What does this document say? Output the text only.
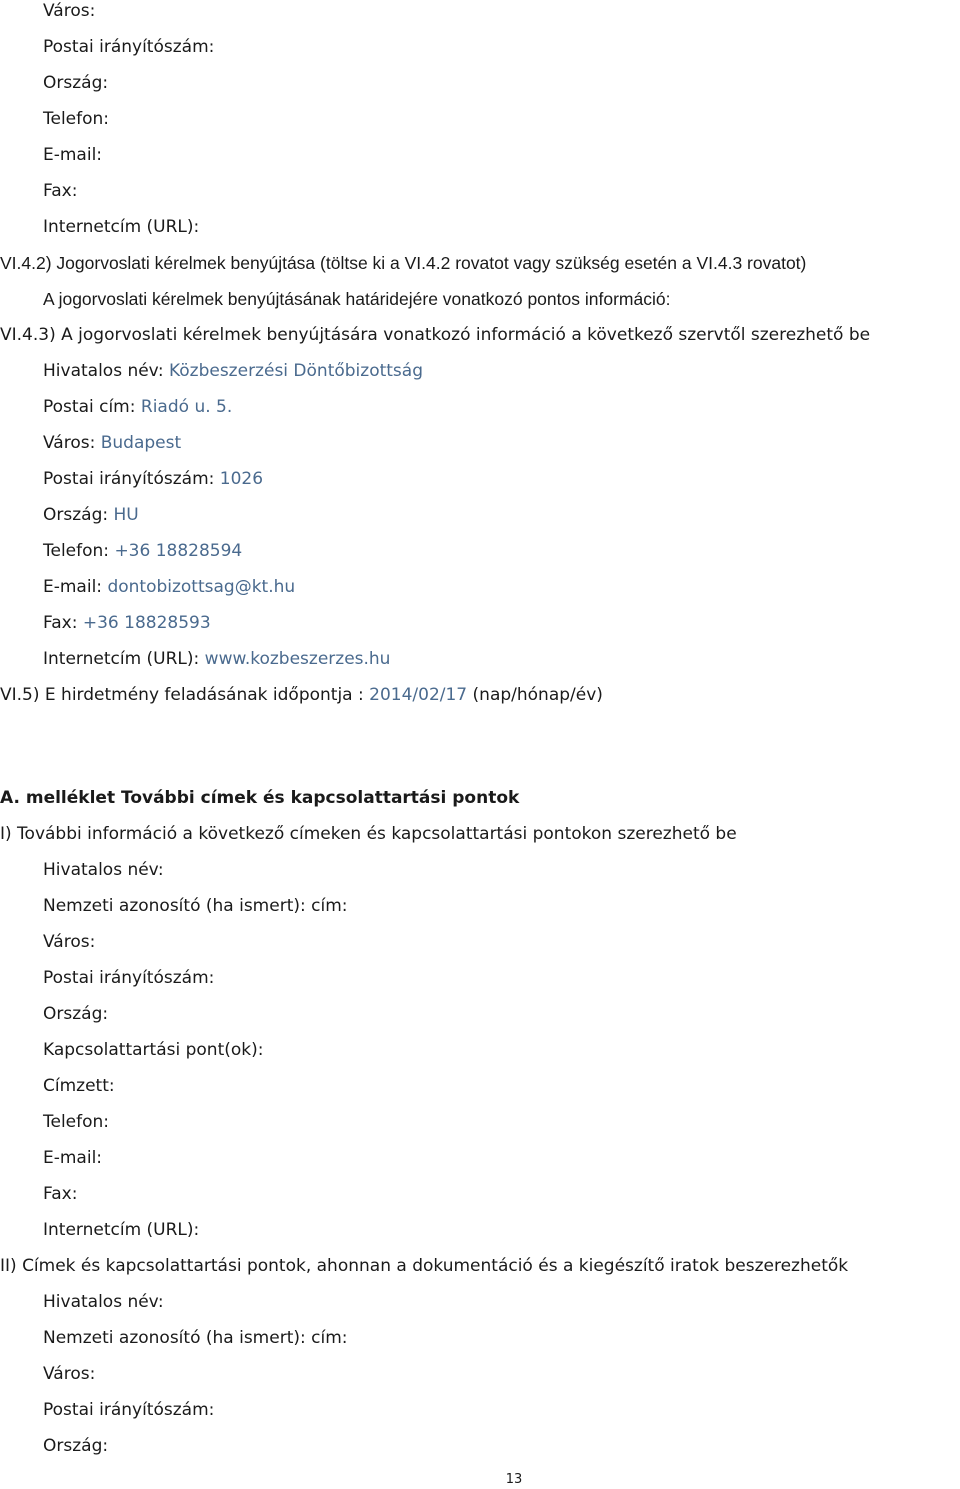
Város:
Postai irányítószám:
Ország:
Telefon:
E-mail:
Fax:
Internetcím (URL):
VI.4.2) Jogorvoslati kérelmek benyújtása (töltse ki a VI.4.2 rovatot vagy szükség esetén a VI.4.3 rovatot)
A jogorvoslati kérelmek benyújtásának határidejére vonatkozó pontos információ:
VI.4.3) A jogorvoslati kérelmek benyújtására vonatkozó információ a következő szervtől szerezhető be
Hivatalos név: Közbeszerzési Döntőbizottság
Postai cím: Riadó u. 5.
Város: Budapest
Postai irányítószám: 1026
Ország: HU
Telefon: +36 18828594
E-mail: dontobizottsag@kt.hu
Fax: +36 18828593
Internetcím (URL): www.kozbeszerzes.hu
VI.5) E hirdetmény feladásának időpontja : 2014/02/17 (nap/hónap/év)
A. melléklet További címek és kapcsolattartási pontok
I) További információ a következő címeken és kapcsolattartási pontokon szerezhető be
Hivatalos név:
Nemzeti azonosító (ha ismert): cím:
Város:
Postai irányítószám:
Ország:
Kapcsolattartási pont(ok):
Címzett:
Telefon:
E-mail:
Fax:
Internetcím (URL):
II) Címek és kapcsolattartási pontok, ahonnan a dokumentáció és a kiegészítő iratok beszerezhetők
Hivatalos név:
Nemzeti azonosító (ha ismert): cím:
Város:
Postai irányítószám:
Ország:
13
